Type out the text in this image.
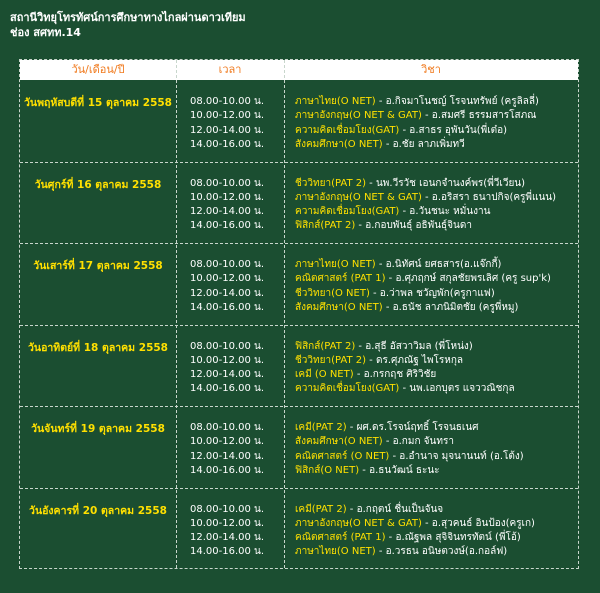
สถานีวิทยุโทรทัศน์การศึกษาทางไกลผ่านดาวเทียม
ช่อง สศทท.14
วัน/เดือน/ปี	เวลา	วิชา
วันพฤหัสบดีที่ 15 ตุลาคม 2558	08.00-10.00 น.	ภาษาไทย(O NET) - อ.กิจมาโนชญ์ โรจนทรัพย์ (ครูลิลลี่)
10.00-12.00 น.	ภาษาอังกฤษ(O NET & GAT) - อ.สมศรี ธรรมสารโสภณ
12.00-14.00 น.	ความคิดเชื่อมโยง(GAT) - อ.สาธร อุพันวัน(พี่เต๋อ)
14.00-16.00 น.	สังคมศึกษา(O NET) - อ.ชัย ลาภเพิ่มทวี
วันศุกร์ที่ 16 ตุลาคม 2558	08.00-10.00 น.	ชีววิทยา(PAT 2) - นพ.วีรวัช เอนกจำนงค์พร(พี่วีเวียน)
10.00-12.00 น.	ภาษาอังกฤษ(O NET & GAT) - อ.อริสรา ธนาปกิจ(ครูพี่แนน)
12.00-14.00 น.	ความคิดเชื่อมโยง(GAT) - อ.วันชนะ หมั่นงาน
14.00-16.00 น.	ฟิสิกส์(PAT 2) - อ.กอบพันธุ์ อธิพันธุ์จินดา
วันเสาร์ที่ 17 ตุลาคม 2558	08.00-10.00 น.	ภาษาไทย(O NET) - อ.นิทัศน์ ยศธสาร(อ.แจ๊กกี้)
10.00-12.00 น.	คณิตศาสตร์ (PAT 1) - อ.ศุภฤกษ์ สกุลชัยพรเลิศ (ครู sup'k)
12.00-14.00 น.	ชีววิทยา(O NET) - อ.ว่าพล ชวัญพัก(ครูกาแฟ)
14.00-16.00 น.	สังคมศึกษา(O NET) - อ.ธนัช ลาภนิมิตชัย (ครูพี่หมู)
วันอาทิตย์ที่ 18 ตุลาคม 2558	08.00-10.00 น.	ฟิสิกส์(PAT 2) - อ.สุธี อัสวาวิมล (พี่โหน่ง)
10.00-12.00 น.	ชีววิทยา(PAT 2) - ดร.ศุภณัฐ ไพโรหกุล
12.00-14.00 น.	เคมี (O NET) - อ.กรกฤช ศิริวิชัย
14.00-16.00 น.	ความคิดเชื่อมโยง(GAT) - นพ.เอกบุตร แจววณิชกุล
วันจันทร์ที่ 19 ตุลาคม 2558	08.00-10.00 น.	เคมี(PAT 2) - ผศ.ดร.โรจน์ฤทธิ์ โรจนธเนศ
10.00-12.00 น.	สังคมศึกษา(O NET) - อ.กมก จันทรา
12.00-14.00 น.	คณิตศาสตร์ (O NET) - อ.อำนาจ มุจนานนท์ (อ.โต้ง)
14.00-16.00 น.	ฟิสิกส์(O NET) - อ.ธนวัฒน์ ธะนะ
วันอังคารที่ 20 ตุลาคม 2558	08.00-10.00 น.	เคมี(PAT 2) - อ.กฤตน์ ชื่นเป็นจันจ
10.00-12.00 น.	ภาษาอังกฤษ(O NET & GAT) - อ.สุวคนธ์ อินป้อง(ครูเก)
12.00-14.00 น.	คณิตศาสตร์ (PAT 1) - อ.ณัฐพล สุจิจินทรทัตน์ (พี่โอ้)
14.00-16.00 น.	ภาษาไทย(O NET) - อ.วรธน อนิษตวงษ์(อ.กอล์ฟ)
